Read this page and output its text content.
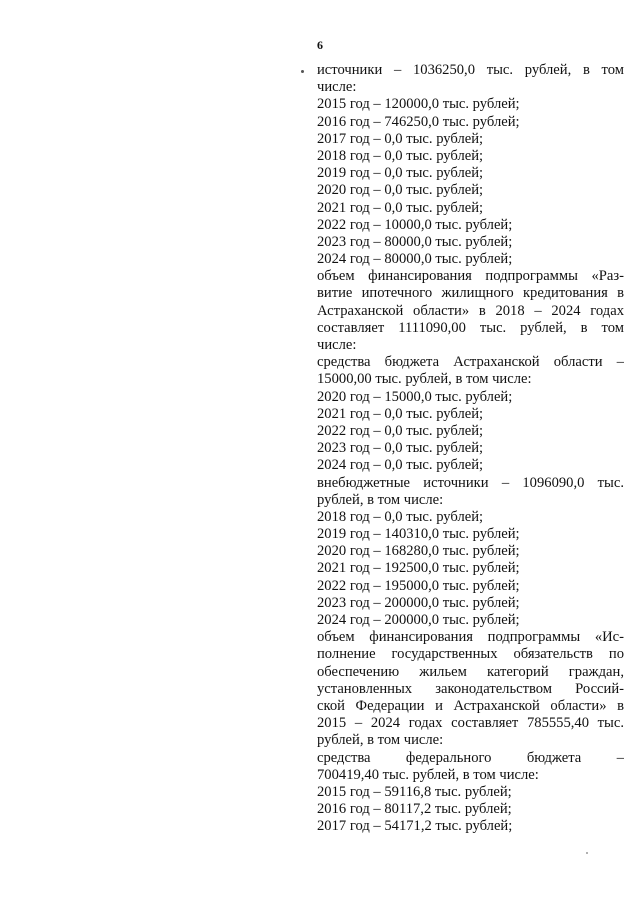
6
источники – 1036250,0 тыс. рублей, в том
числе:
2015 год – 120000,0 тыс. рублей;
2016 год – 746250,0 тыс. рублей;
2017 год – 0,0 тыс. рублей;
2018 год – 0,0 тыс. рублей;
2019 год – 0,0 тыс. рублей;
2020 год – 0,0 тыс. рублей;
2021 год – 0,0 тыс. рублей;
2022 год – 10000,0 тыс. рублей;
2023 год – 80000,0 тыс. рублей;
2024 год – 80000,0 тыс. рублей;
объем финансирования подпрограммы «Раз-
витие ипотечного жилищного кредитования в
Астраханской области» в 2018 – 2024 годах
составляет 1111090,00 тыс. рублей, в том
числе:
средства бюджета Астраханской области –
15000,00 тыс. рублей, в том числе:
2020 год – 15000,0 тыс. рублей;
2021 год – 0,0 тыс. рублей;
2022 год – 0,0 тыс. рублей;
2023 год – 0,0 тыс. рублей;
2024 год – 0,0 тыс. рублей;
внебюджетные источники – 1096090,0 тыс.
рублей, в том числе:
2018 год – 0,0 тыс. рублей;
2019 год – 140310,0 тыс. рублей;
2020 год – 168280,0 тыс. рублей;
2021 год – 192500,0 тыс. рублей;
2022 год – 195000,0 тыс. рублей;
2023 год – 200000,0 тыс. рублей;
2024 год – 200000,0 тыс. рублей;
объем финансирования подпрограммы «Ис-
полнение государственных обязательств по
обеспечению жильем категорий граждан,
установленных законодательством Россий-
ской Федерации и Астраханской области» в
2015 – 2024 годах составляет 785555,40 тыс.
рублей, в том числе:
средства федерального бюджета –
700419,40 тыс. рублей, в том числе:
2015 год – 59116,8 тыс. рублей;
2016 год – 80117,2 тыс. рублей;
2017 год – 54171,2 тыс. рублей;
